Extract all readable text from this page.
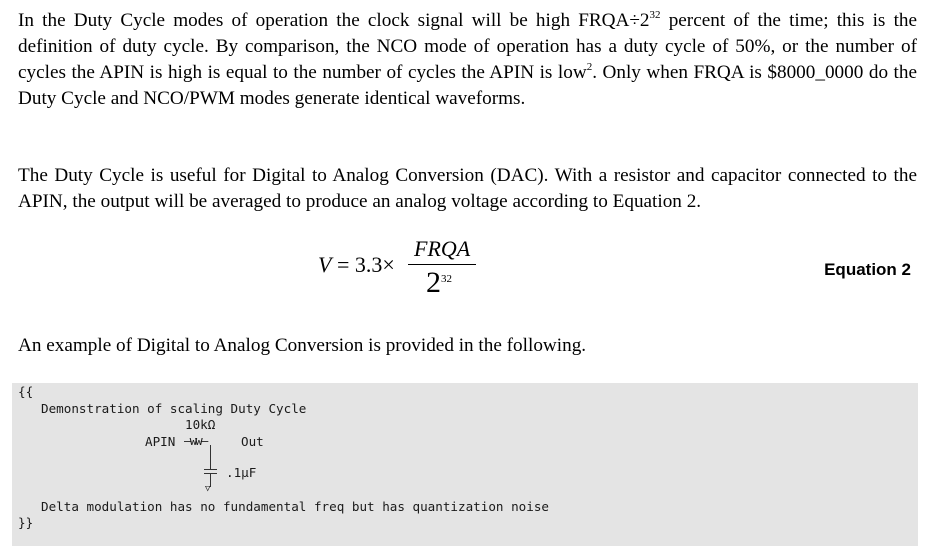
In the Duty Cycle modes of operation the clock signal will be high $FRQA\div 2^{32}$ percent of the time; this is the definition of duty cycle. By comparison, the NCO mode of operation has a duty cycle of 50%, or the number of cycles the APIN is high is equal to the number of cycles the APIN is low$^2$. Only when FRQA is $8000_0000 do the Duty Cycle and NCO/PWM modes generate identical waveforms.

The Duty Cycle is useful for Digital to Analog Conversion (DAC). With a resistor and capacitor connected to the APIN, the output will be averaged to produce an analog voltage according to Equation 2.

V = 3.3×
FRQA
$2^{32}$	Equation 2

An example of Digital to Analog Conversion is provided in the following.

{{
Demonstration of scaling Duty Cycle
10kΩ
APIN —ww—	Out
.1μF
▽
Delta modulation has no fundamental freq but has quantization noise
}}
